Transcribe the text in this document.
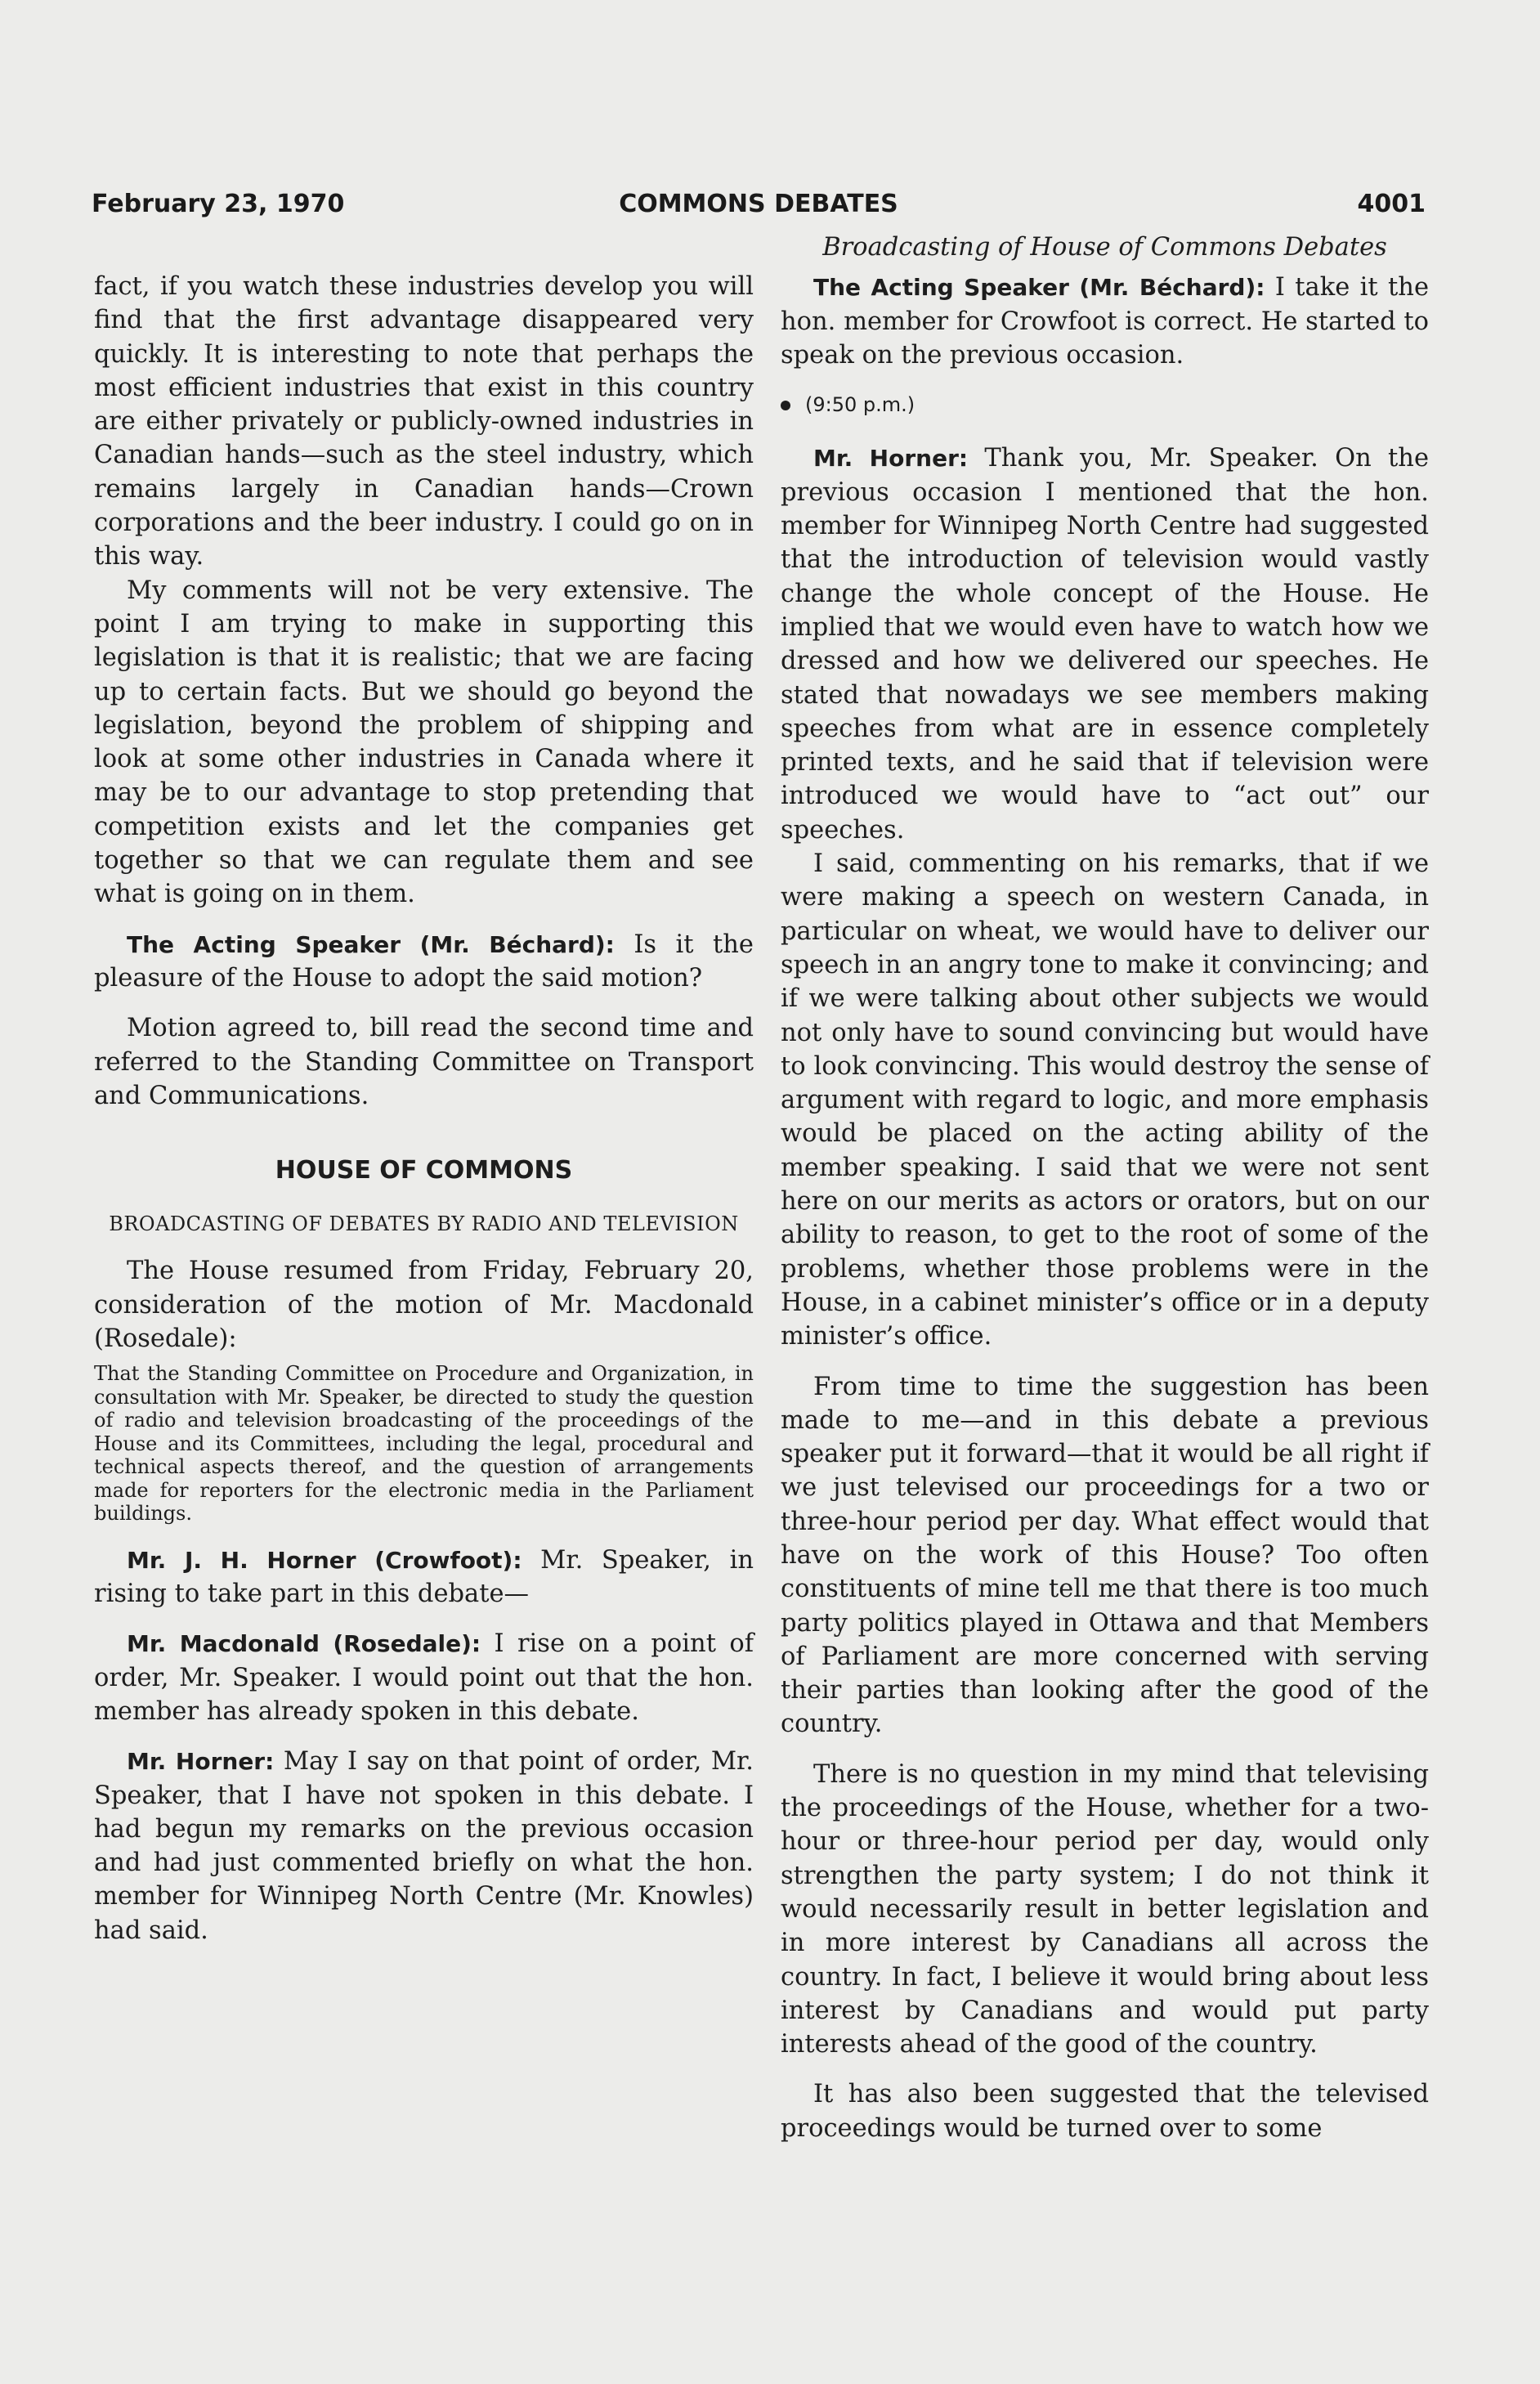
February 23, 1970	COMMONS DEBATES	4001

fact, if you watch these industries develop you will find that the first advantage disappeared very quickly. It is interesting to note that perhaps the most efficient industries that exist in this country are either privately or publicly-owned industries in Canadian hands—such as the steel industry, which remains largely in Canadian hands—Crown corporations and the beer industry. I could go on in this way.

My comments will not be very extensive. The point I am trying to make in supporting this legislation is that it is realistic; that we are facing up to certain facts. But we should go beyond the legislation, beyond the problem of shipping and look at some other industries in Canada where it may be to our advantage to stop pretending that competition exists and let the companies get together so that we can regulate them and see what is going on in them.

The Acting Speaker (Mr. Béchard): Is it the pleasure of the House to adopt the said motion?

Motion agreed to, bill read the second time and referred to the Standing Committee on Transport and Communications.

HOUSE OF COMMONS
BROADCASTING OF DEBATES BY RADIO AND TELEVISION

The House resumed from Friday, February 20, consideration of the motion of Mr. Macdonald (Rosedale):

That the Standing Committee on Procedure and Organization, in consultation with Mr. Speaker, be directed to study the question of radio and television broadcasting of the proceedings of the House and its Committees, including the legal, procedural and technical aspects thereof, and the question of arrangements made for reporters for the electronic media in the Parliament buildings.

Mr. J. H. Horner (Crowfoot): Mr. Speaker, in rising to take part in this debate—

Mr. Macdonald (Rosedale): I rise on a point of order, Mr. Speaker. I would point out that the hon. member has already spoken in this debate.

Mr. Horner: May I say on that point of order, Mr. Speaker, that I have not spoken in this debate. I had begun my remarks on the previous occasion and had just commented briefly on what the hon. member for Winnipeg North Centre (Mr. Knowles) had said.

Broadcasting of House of Commons Debates

The Acting Speaker (Mr. Béchard): I take it the hon. member for Crowfoot is correct. He started to speak on the previous occasion.

(9:50 p.m.)

Mr. Horner: Thank you, Mr. Speaker. On the previous occasion I mentioned that the hon. member for Winnipeg North Centre had suggested that the introduction of television would vastly change the whole concept of the House. He implied that we would even have to watch how we dressed and how we delivered our speeches. He stated that nowadays we see members making speeches from what are in essence completely printed texts, and he said that if television were introduced we would have to “act out” our speeches.

I said, commenting on his remarks, that if we were making a speech on western Canada, in particular on wheat, we would have to deliver our speech in an angry tone to make it convincing; and if we were talking about other subjects we would not only have to sound convincing but would have to look convincing. This would destroy the sense of argument with regard to logic, and more emphasis would be placed on the acting ability of the member speaking. I said that we were not sent here on our merits as actors or orators, but on our ability to reason, to get to the root of some of the problems, whether those problems were in the House, in a cabinet minister’s office or in a deputy minister’s office.

From time to time the suggestion has been made to me—and in this debate a previous speaker put it forward—that it would be all right if we just televised our proceedings for a two or three-hour period per day. What effect would that have on the work of this House? Too often constituents of mine tell me that there is too much party politics played in Ottawa and that Members of Parliament are more concerned with serving their parties than looking after the good of the country.

There is no question in my mind that televising the proceedings of the House, whether for a two-hour or three-hour period per day, would only strengthen the party system; I do not think it would necessarily result in better legislation and in more interest by Canadians all across the country. In fact, I believe it would bring about less interest by Canadians and would put party interests ahead of the good of the country.

It has also been suggested that the televised proceedings would be turned over to some
